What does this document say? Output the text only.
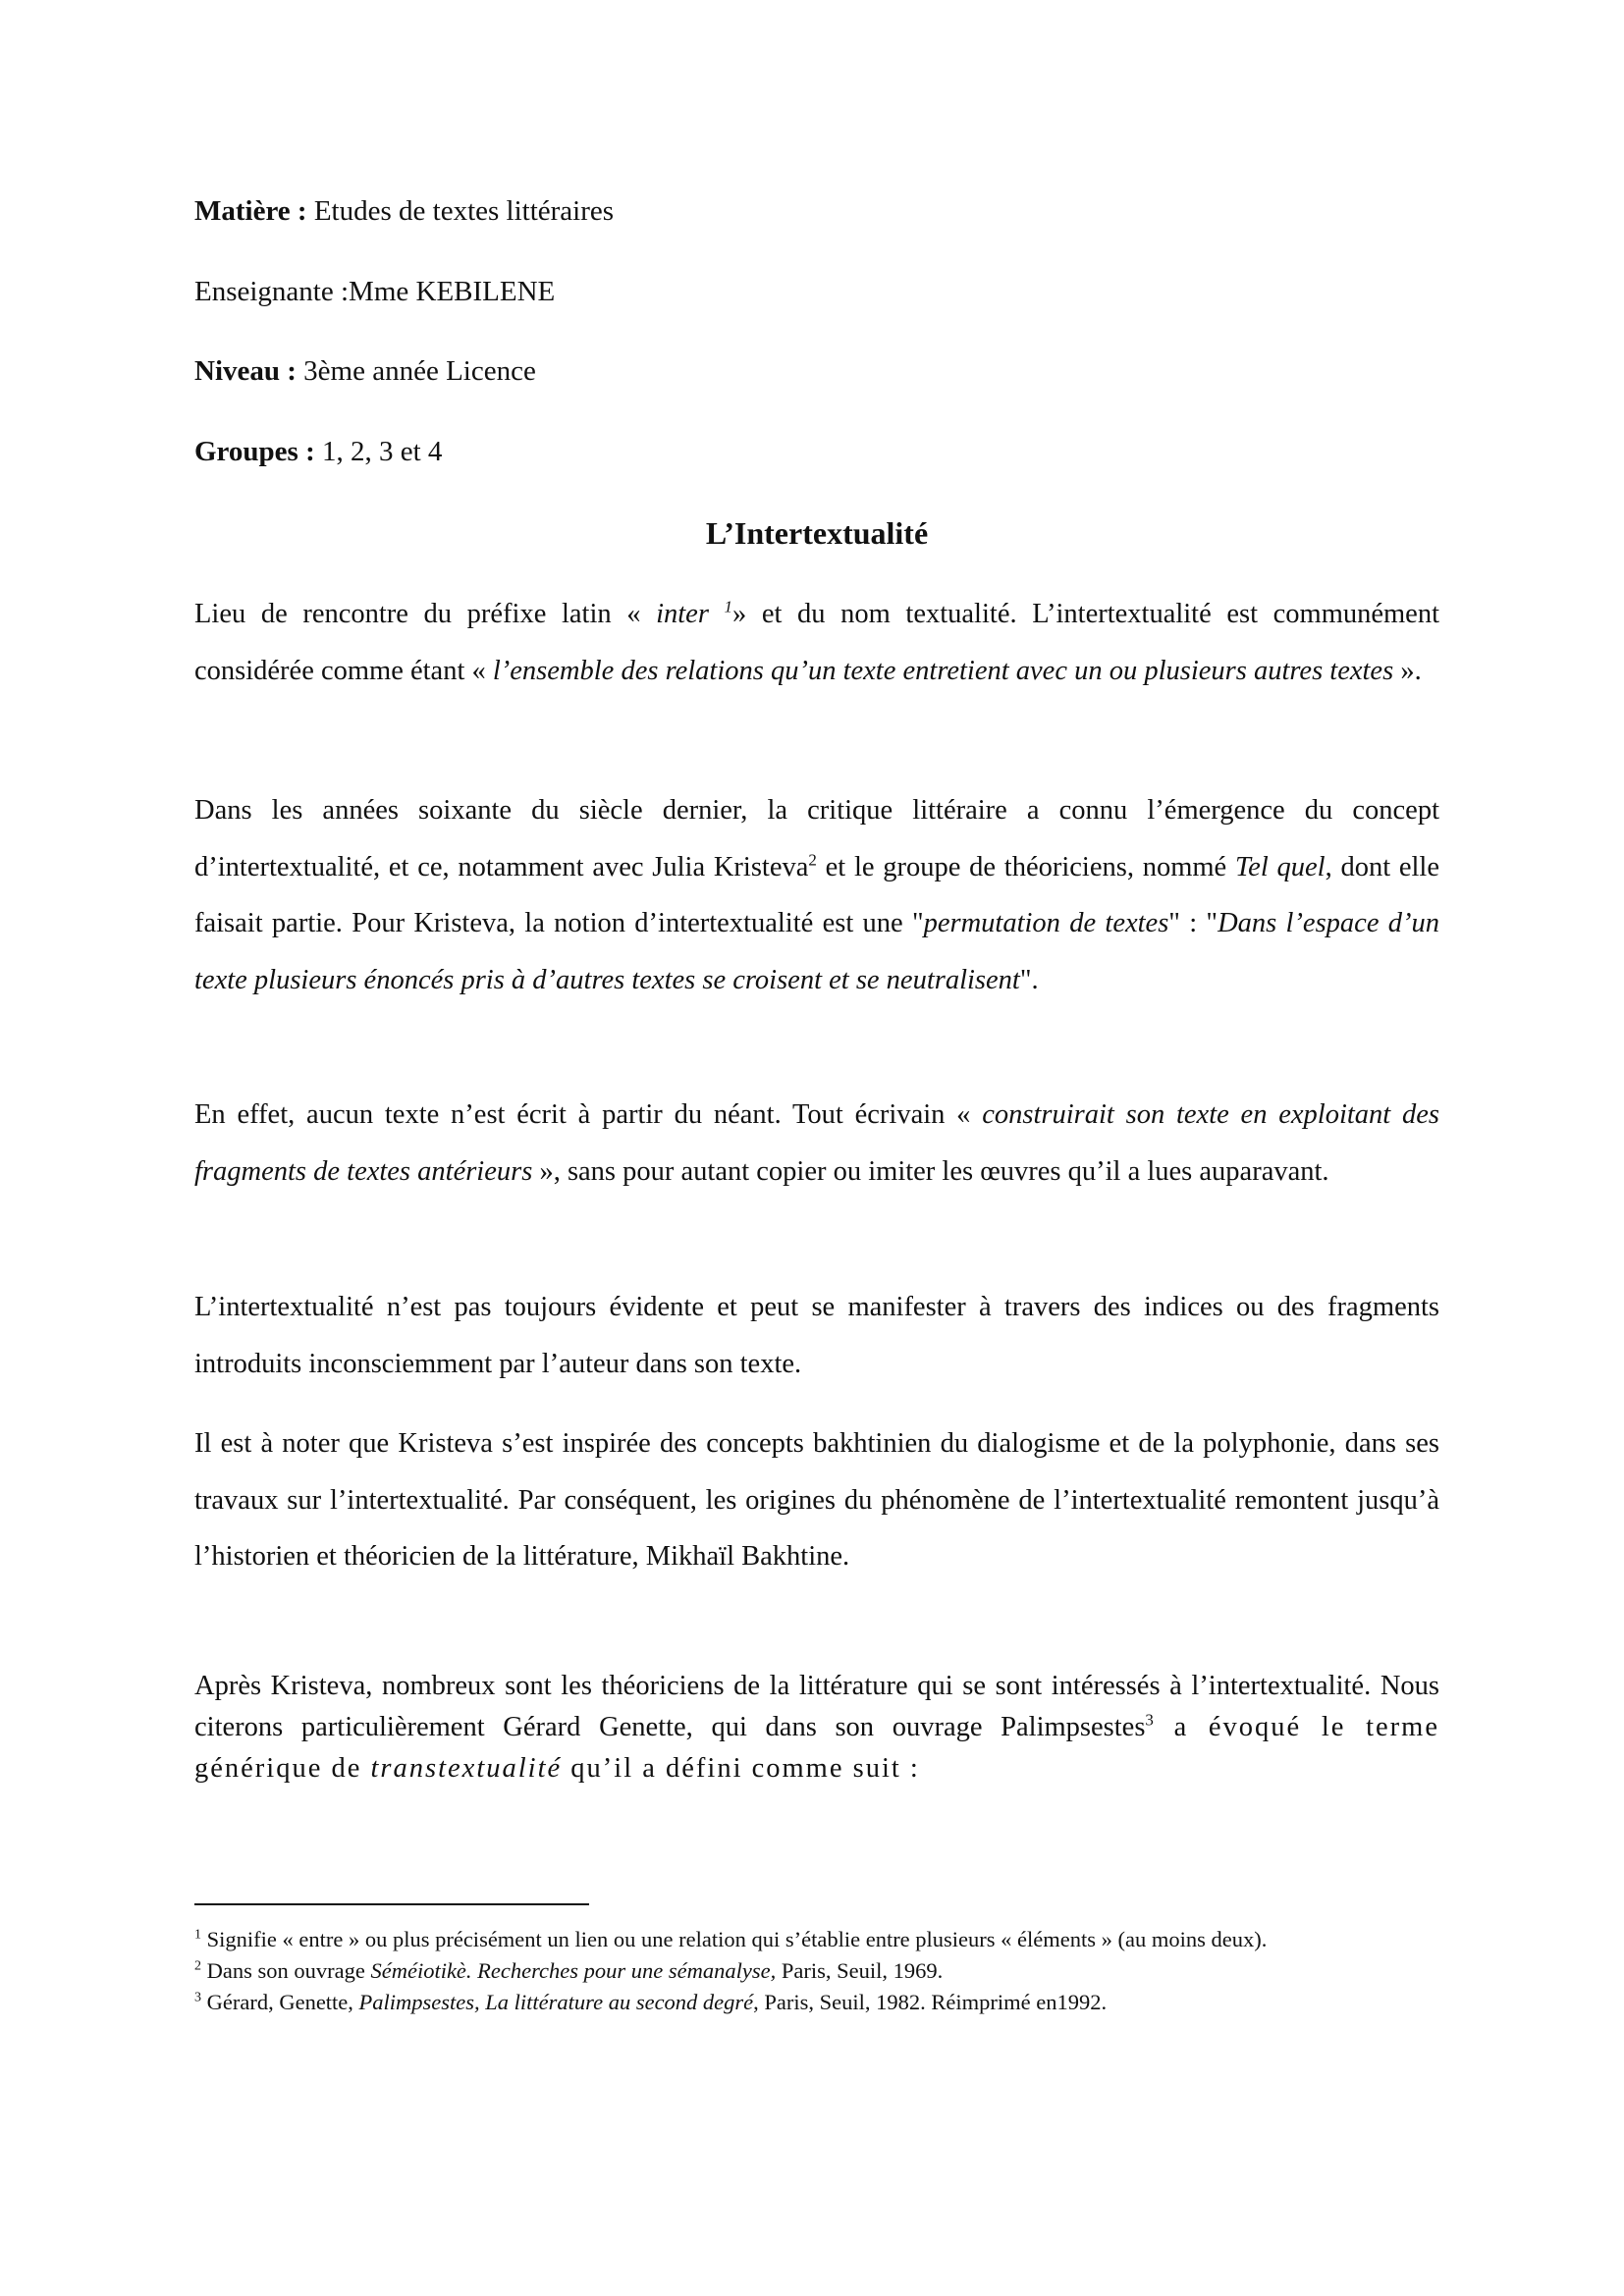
Matière : Etudes de textes littéraires
Enseignante :Mme KEBILENE
Niveau : 3ème année Licence
Groupes : 1, 2, 3 et 4
L’Intertextualité

Lieu de rencontre du préfixe latin « inter $^1$» et du nom textualité. L’intertextualité est communément considérée comme étant « l’ensemble des relations qu’un texte entretient avec un ou plusieurs autres textes ».

Dans les années soixante du siècle dernier, la critique littéraire a connu l’émergence du concept d’intertextualité, et ce, notamment avec Julia Kristeva$^2$ et le groupe de théoriciens, nommé Tel quel, dont elle faisait partie. Pour Kristeva, la notion d’intertextualité est une "permutation de textes" : "Dans l’espace d’un texte plusieurs énoncés pris à d’autres textes se croisent et se neutralisent".

En effet, aucun texte n’est écrit à partir du néant. Tout écrivain « construirait son texte en exploitant des fragments de textes antérieurs », sans pour autant copier ou imiter les œuvres qu’il a lues auparavant.

L’intertextualité n’est pas toujours évidente et peut se manifester à travers des indices ou des fragments introduits inconsciemment par l’auteur dans son texte.

Il est à noter que Kristeva s’est inspirée des concepts bakhtinien du dialogisme et de la polyphonie, dans ses travaux sur l’intertextualité. Par conséquent, les origines du phénomène de l’intertextualité remontent jusqu’à l’historien et théoricien de la littérature, Mikhaïl Bakhtine.

Après Kristeva, nombreux sont les théoriciens de la littérature qui se sont intéressés à l’intertextualité. Nous citerons particulièrement Gérard Genette, qui dans son ouvrage Palimpsestes$^3$ a évoqué le terme générique de transtextualité qu’il a défini comme suit :

$^1$ Signifie « entre » ou plus précisément un lien ou une relation qui s’établie entre plusieurs « éléments » (au moins deux).

$^2$ Dans son ouvrage Séméiotikè. Recherches pour une sémanalyse, Paris, Seuil, 1969.

$^3$ Gérard, Genette, Palimpsestes, La littérature au second degré, Paris, Seuil, 1982. Réimprimé en1992.
